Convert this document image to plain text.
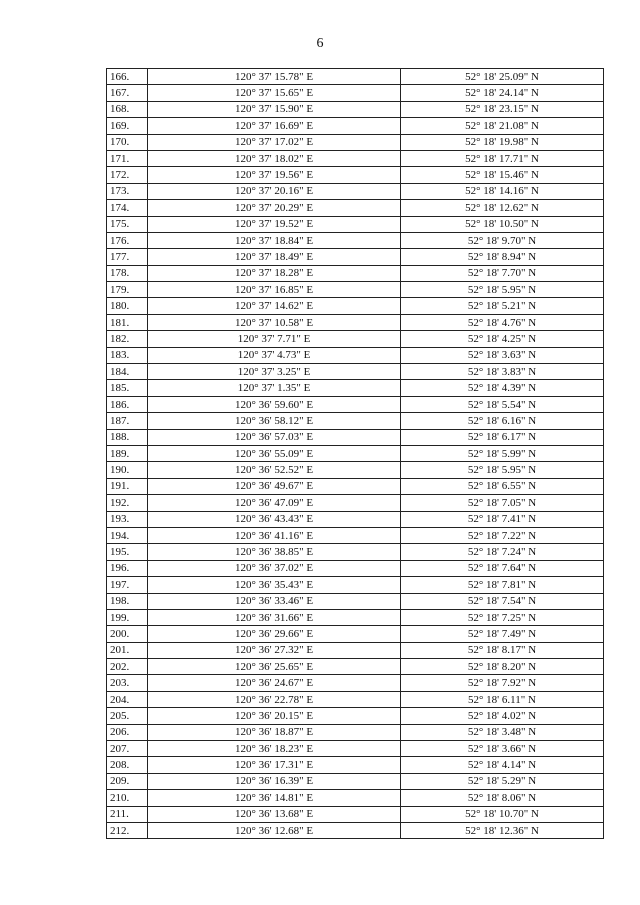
6
166.	120° 37' 15.78" E	52° 18' 25.09" N
167.	120° 37' 15.65" E	52° 18' 24.14" N
168.	120° 37' 15.90" E	52° 18' 23.15" N
169.	120° 37' 16.69" E	52° 18' 21.08" N
170.	120° 37' 17.02" E	52° 18' 19.98" N
171.	120° 37' 18.02" E	52° 18' 17.71" N
172.	120° 37' 19.56" E	52° 18' 15.46" N
173.	120° 37' 20.16" E	52° 18' 14.16" N
174.	120° 37' 20.29" E	52° 18' 12.62" N
175.	120° 37' 19.52" E	52° 18' 10.50" N
176.	120° 37' 18.84" E	52° 18' 9.70" N
177.	120° 37' 18.49" E	52° 18' 8.94" N
178.	120° 37' 18.28" E	52° 18' 7.70" N
179.	120° 37' 16.85" E	52° 18' 5.95" N
180.	120° 37' 14.62" E	52° 18' 5.21" N
181.	120° 37' 10.58" E	52° 18' 4.76" N
182.	120° 37' 7.71" E	52° 18' 4.25" N
183.	120° 37' 4.73" E	52° 18' 3.63" N
184.	120° 37' 3.25" E	52° 18' 3.83" N
185.	120° 37' 1.35" E	52° 18' 4.39" N
186.	120° 36' 59.60" E	52° 18' 5.54" N
187.	120° 36' 58.12" E	52° 18' 6.16" N
188.	120° 36' 57.03" E	52° 18' 6.17" N
189.	120° 36' 55.09" E	52° 18' 5.99" N
190.	120° 36' 52.52" E	52° 18' 5.95" N
191.	120° 36' 49.67" E	52° 18' 6.55" N
192.	120° 36' 47.09" E	52° 18' 7.05" N
193.	120° 36' 43.43" E	52° 18' 7.41" N
194.	120° 36' 41.16" E	52° 18' 7.22" N
195.	120° 36' 38.85" E	52° 18' 7.24" N
196.	120° 36' 37.02" E	52° 18' 7.64" N
197.	120° 36' 35.43" E	52° 18' 7.81" N
198.	120° 36' 33.46" E	52° 18' 7.54" N
199.	120° 36' 31.66" E	52° 18' 7.25" N
200.	120° 36' 29.66" E	52° 18' 7.49" N
201.	120° 36' 27.32" E	52° 18' 8.17" N
202.	120° 36' 25.65" E	52° 18' 8.20" N
203.	120° 36' 24.67" E	52° 18' 7.92" N
204.	120° 36' 22.78" E	52° 18' 6.11" N
205.	120° 36' 20.15" E	52° 18' 4.02" N
206.	120° 36' 18.87" E	52° 18' 3.48" N
207.	120° 36' 18.23" E	52° 18' 3.66" N
208.	120° 36' 17.31" E	52° 18' 4.14" N
209.	120° 36' 16.39" E	52° 18' 5.29" N
210.	120° 36' 14.81" E	52° 18' 8.06" N
211.	120° 36' 13.68" E	52° 18' 10.70" N
212.	120° 36' 12.68" E	52° 18' 12.36" N
